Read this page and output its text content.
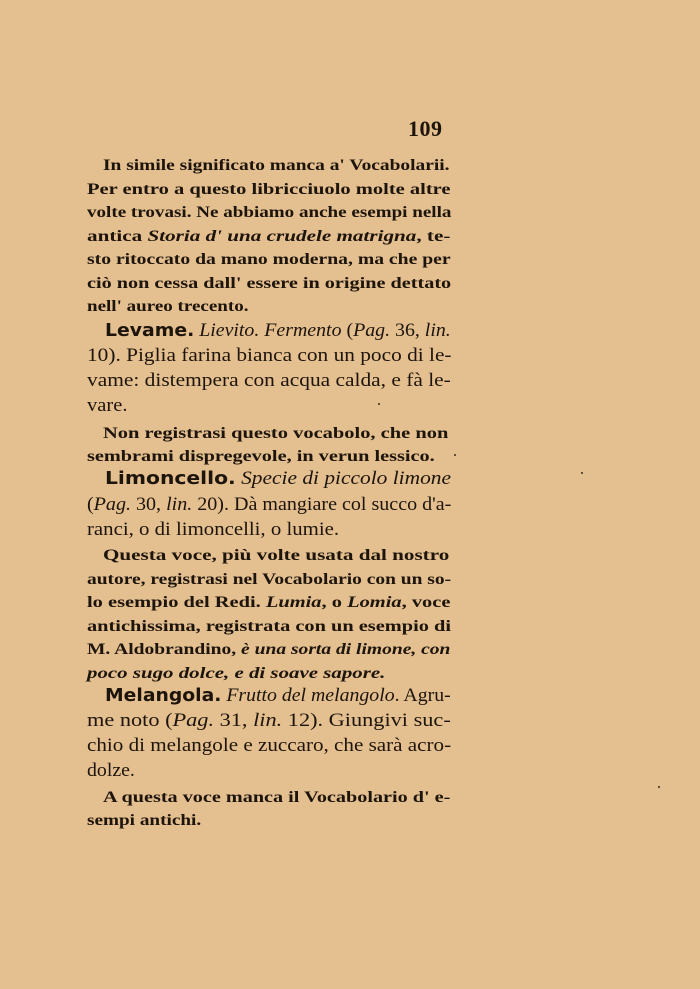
109
In simile significato manca a' Vocabolarii.
Per entro a questo libricciuolo molte altre
volte trovasi. Ne abbiamo anche esempi nella
antica Storia d' una crudele matrigna, te-
sto ritoccato da mano moderna, ma che per
ciò non cessa dall' essere in origine dettato
nell' aureo trecento.
Levame. Lievito. Fermento (Pag. 36, lin.
10). Piglia farina bianca con un poco di le-
vame: distempera con acqua calda, e fà le-
vare.
Non registrasi questo vocabolo, che non
sembrami dispregevole, in verun lessico.
Limoncello. Specie di piccolo limone
(Pag. 30, lin. 20). Dà mangiare col succo d'a-
ranci, o di limoncelli, o lumie.
Questa voce, più volte usata dal nostro
autore, registrasi nel Vocabolario con un so-
lo esempio del Redi. Lumia, o Lomia, voce
antichissima, registrata con un esempio di
M. Aldobrandino, è una sorta di limone, con
poco sugo dolce, e di soave sapore.
Melangola. Frutto del melangolo. Agru-
me noto (Pag. 31, lin. 12). Giungivi suc-
chio di melangole e zuccaro, che sarà acro-
dolze.
A questa voce manca il Vocabolario d' e-
sempi antichi.
